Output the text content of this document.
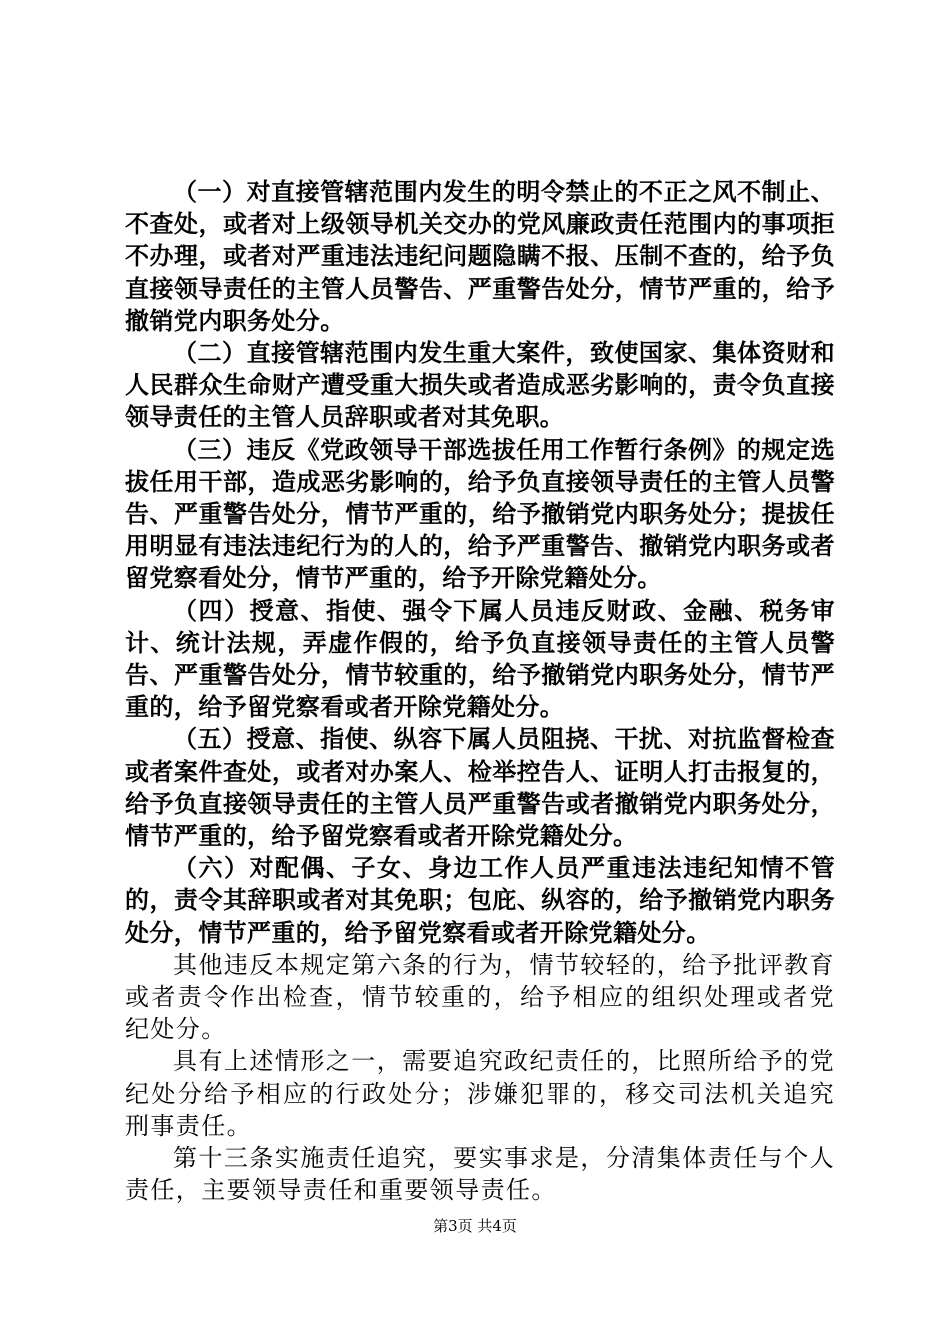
（一）对直接管辖范围内发生的明令禁止的不正之风不制止、不查处，或者对上级领导机关交办的党风廉政责任范围内的事项拒不办理，或者对严重违法违纪问题隐瞒不报、压制不查的，给予负直接领导责任的主管人员警告、严重警告处分，情节严重的，给予撤销党内职务处分。

（二）直接管辖范围内发生重大案件，致使国家、集体资财和人民群众生命财产遭受重大损失或者造成恶劣影响的，责令负直接领导责任的主管人员辞职或者对其免职。

（三）违反《党政领导干部选拔任用工作暂行条例》的规定选拔任用干部，造成恶劣影响的，给予负直接领导责任的主管人员警告、严重警告处分，情节严重的，给予撤销党内职务处分；提拔任用明显有违法违纪行为的人的，给予严重警告、撤销党内职务或者留党察看处分，情节严重的，给予开除党籍处分。

（四）授意、指使、强令下属人员违反财政、金融、税务审计、统计法规，弄虚作假的，给予负直接领导责任的主管人员警告、严重警告处分，情节较重的，给予撤销党内职务处分，情节严重的，给予留党察看或者开除党籍处分。

（五）授意、指使、纵容下属人员阻挠、干扰、对抗监督检查或者案件查处，或者对办案人、检举控告人、证明人打击报复的，给予负直接领导责任的主管人员严重警告或者撤销党内职务处分，情节严重的，给予留党察看或者开除党籍处分。

（六）对配偶、子女、身边工作人员严重违法违纪知情不管的，责令其辞职或者对其免职；包庇、纵容的，给予撤销党内职务处分，情节严重的，给予留党察看或者开除党籍处分。

其他违反本规定第六条的行为，情节较轻的，给予批评教育或者责令作出检查，情节较重的，给予相应的组织处理或者党纪处分。

具有上述情形之一，需要追究政纪责任的，比照所给予的党纪处分给予相应的行政处分；涉嫌犯罪的，移交司法机关追究刑事责任。

第十三条实施责任追究，要实事求是，分清集体责任与个人责任，主要领导责任和重要领导责任。

第3页 共4页
